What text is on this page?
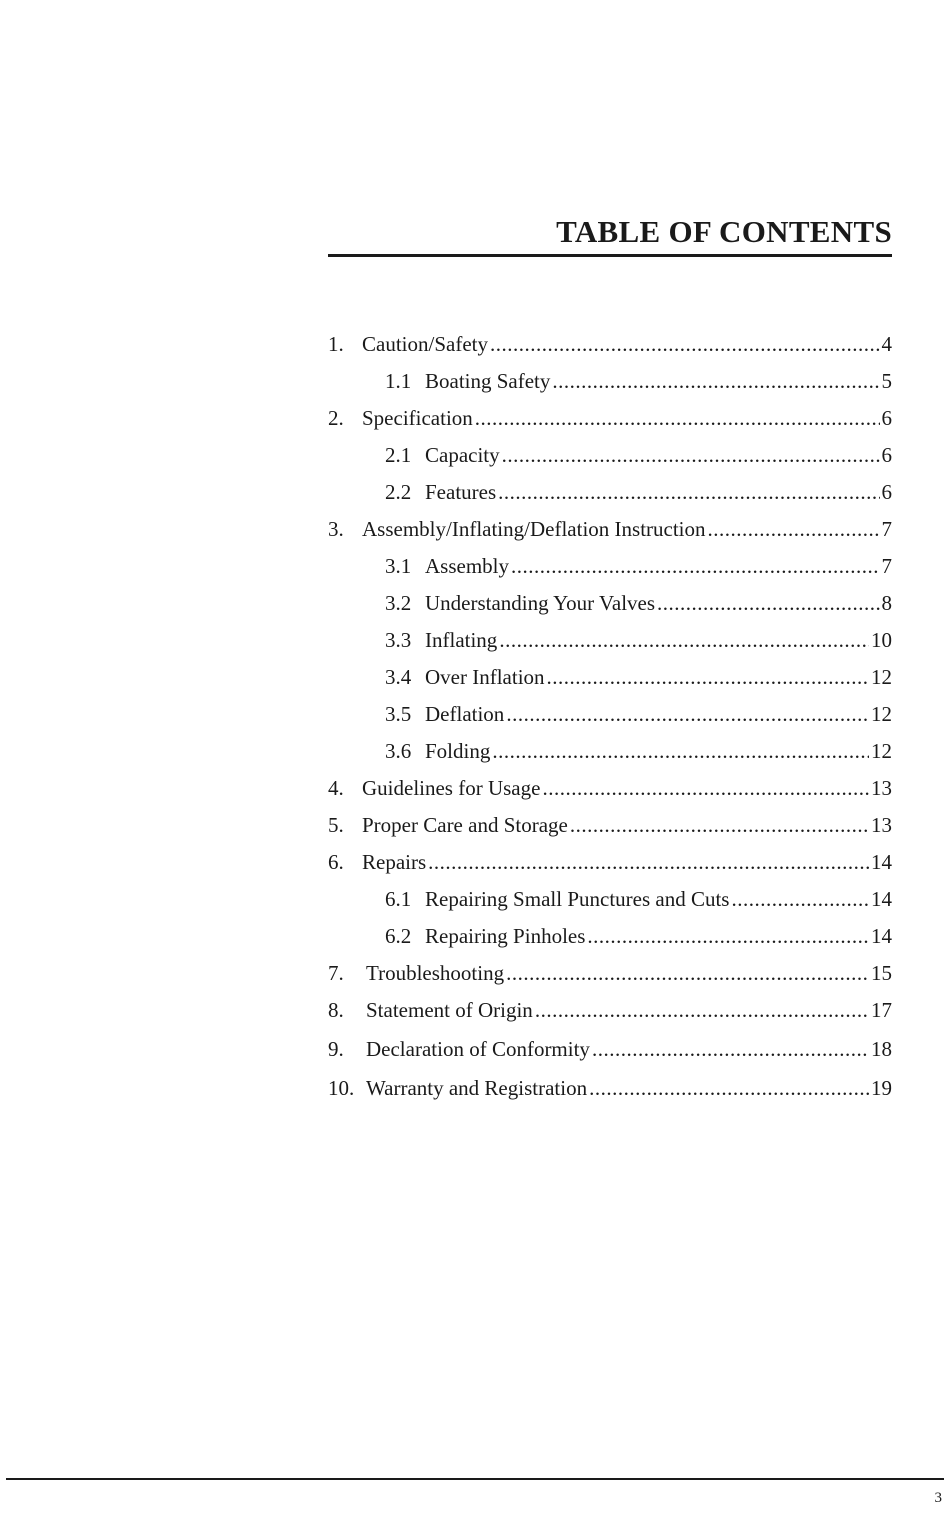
TABLE OF CONTENTS
1. Caution/Safety .....	4
1.1 Boating Safety .....	5
2. Specification .....	6
2.1 Capacity .....	6
2.2 Features .....	6
3. Assembly/Inflating/Deflation Instruction .....	7
3.1 Assembly .....	7
3.2 Understanding Your Valves .....	8
3.3 Inflating .....	10
3.4 Over Inflation .....	12
3.5 Deflation .....	12
3.6 Folding .....	12
4. Guidelines for Usage .....	13
5. Proper Care and Storage .....	13
6. Repairs .....	14
6.1 Repairing Small Punctures and Cuts .....	14
6.2 Repairing Pinholes .....	14
7.	Troubleshooting .....	15
8.	Statement of Origin .....	17
9.	Declaration of Conformity .....	18
10. Warranty and Registration .....	19
3
